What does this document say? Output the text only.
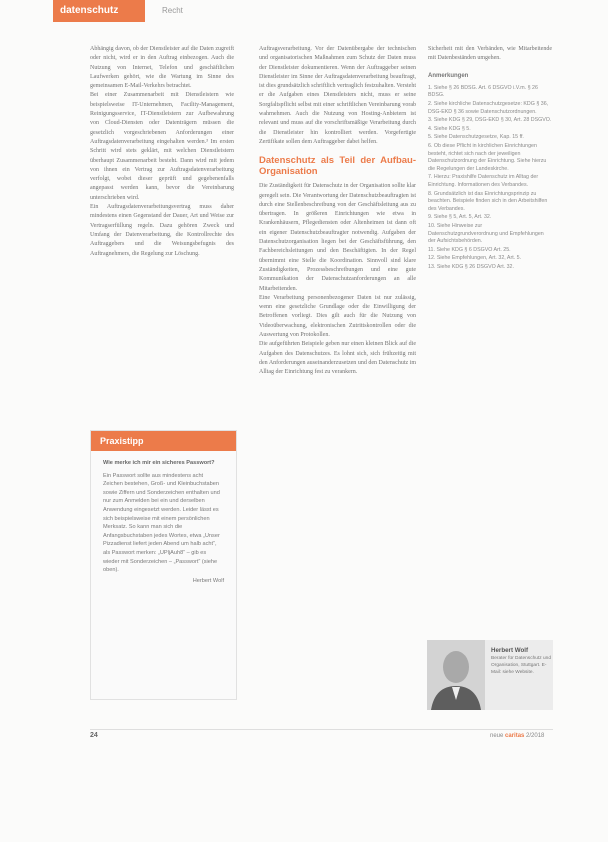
datenschutz	Recht

Abhängig davon, ob der Dienstleister auf die Daten zugreift oder nicht, wird er in den Auftrag einbezogen. Auch die Nutzung von Internet, Telefon und geschäftlichen Laufwerken gehört, wie die Wartung im Sinne des gemeinsamen E-Mail-Verkehrs betrachtet.

Bei einer Zusammenarbeit mit Dienstleistern wie beispielsweise IT-Unternehmen, Facility-Management, Reinigungsservice, IT-Dienstleistern zur Aufbewahrung von Cloud-Diensten oder Datenträgern müssen die gesetzlich vorgeschriebenen Anforderungen einer Auftragsdatenverarbeitung eingehalten werden.³ Im ersten Schritt wird stets geklärt, mit welchen Dienstleistern überhaupt Zusammenarbeit besteht. Dann wird mit jedem von ihnen ein Vertrag zur Auftragsdatenverarbeitung verfolgt, wobei dieser geprüft und gegebenenfalls angepasst werden kann, bevor die Vereinbarung unterschrieben wird.

Ein Auftragsdatenverarbeitungsvertrag muss daher mindestens einen Gegenstand der Dauer, Art und Weise zur Vertragserfüllung regeln. Dazu gehören Zweck und Umfang der Datenverarbeitung, die Kontrollrechte des Auftraggebers und die Weisungsbefugnis des Auftragnehmers, die Regelung zur Löschung.

Praxistipp
Wie merke ich mir ein sicheres Passwort?
Ein Passwort sollte aus mindestens acht Zeichen bestehen, Groß- und Kleinbuchstaben sowie Ziffern und Sonderzeichen enthalten und nur zum Anmelden bei ein und derselben Anwendung eingesetzt werden. Leider lässt es sich beispielsweise mit einem persönlichen Merksatz. So kann man sich die Anfangsbuchstaben jedes Wortes, etwa „Unser Pizzadienst liefert jeden Abend um halb acht“, als Passwort merken: „UPljAuh8“ – gib es wieder mit Sonderzeichen – „Passwort“ (siehe oben).
Herbert Wolf

Auftragsverarbeitung. Vor der Datenübergabe der technischen und organisatorischen Maßnahmen zum Schutz der Daten muss der Dienstleister dokumentieren. Wenn der Auftraggeber seinen Dienstleister im Sinne der Auftragsdatenverarbeitung beauftragt, ist dies grundsätzlich schriftlich vertraglich festzuhalten. Versteht er die Aufgaben eines Dienstleisters nicht, muss er seine Sorgfaltspflicht selbst mit einer schriftlichen Vereinbarung vorab wahrnehmen. Auch die Nutzung von Hosting-Anbietern ist relevant und muss auf die vorschriftsmäßige Verarbeitung durch die Dienstleister hin kontrolliert werden. Vorgefertigte Zertifikate sollen dem Auftraggeber dabei helfen.

Datenschutz als Teil der Aufbau-Organisation

Die Zuständigkeit für Datenschutz in der Organisation sollte klar geregelt sein. Die Verantwortung der Datenschutzbeauftragten ist durch eine Stellenbeschreibung von der Geschäftsleitung aus zu übertragen. In größeren Einrichtungen wie etwa in Krankenhäusern, Pflegediensten oder Altenheimen ist dann oft ein eigener Datenschutzbeauftragter notwendig. Aufgaben der Datenschutzorganisation liegen bei der Geschäftsführung, den Fachbereichsleitungen und den Beschäftigten. In der Regel übernimmt eine Stelle die Koordination. Sinnvoll sind klare Zuständigkeiten, Prozessbeschreibungen und eine gute Kommunikation der Datenschutzanforderungen an alle Mitarbeitenden.

Eine Verarbeitung personenbezogener Daten ist nur zulässig, wenn eine gesetzliche Grundlage oder die Einwilligung der Betroffenen vorliegt. Dies gilt auch für die Nutzung von Videoüberwachung, elektronischen Zutrittskontrollen oder die Auswertung von Protokollen.

Die aufgeführten Beispiele geben nur einen kleinen Blick auf die Aufgaben des Datenschutzes. Es lohnt sich, sich frühzeitig mit den Anforderungen auseinanderzusetzen und den Datenschutz im Alltag der Einrichtung fest zu verankern.

Sicherheit mit den Verbänden, wie Mitarbeitende mit Datenbeständen umgehen.

Anmerkungen
1. Siehe § 26 BDSG. Art. 6 DSGVO i.V.m. § 26 BDSG.
2. Siehe kirchliche Datenschutzgesetze: KDG § 36, DSG-EKD § 36 sowie Datenschutzordnungen.
3. Siehe KDG § 29, DSG-EKD § 30, Art. 28 DSGVO.
4. Siehe KDG § 5.
5. Siehe Datenschutzgesetze, Kap. 15 ff.
6. Ob diese Pflicht in kirchlichen Einrichtungen besteht, richtet sich nach der jeweiligen Datenschutzordnung der Einrichtung. Siehe hierzu die Regelungen der Landeskirche.
7. Hierzu: Praxishilfe Datenschutz im Alltag der Einrichtung. Informationen des Verbandes.
8. Grundsätzlich ist das Einrichtungsprinzip zu beachten. Beispiele finden sich in den Arbeitshilfen des Verbandes.
9. Siehe § 5, Art. 5, Art. 32.
10. Siehe Hinweise zur Datenschutzgrundverordnung und Empfehlungen der Aufsichtsbehörden.
11. Siehe KDG § 6 DSGVO Art. 25.
12. Siehe Empfehlungen, Art. 32, Art. 5.
13. Siehe KDG § 26 DSGVO Art. 32.
Herbert Wolf
Berater für Datenschutz und Organisation, Stuttgart. E-Mail: siehe Website.
24	neue caritas 2/2018
